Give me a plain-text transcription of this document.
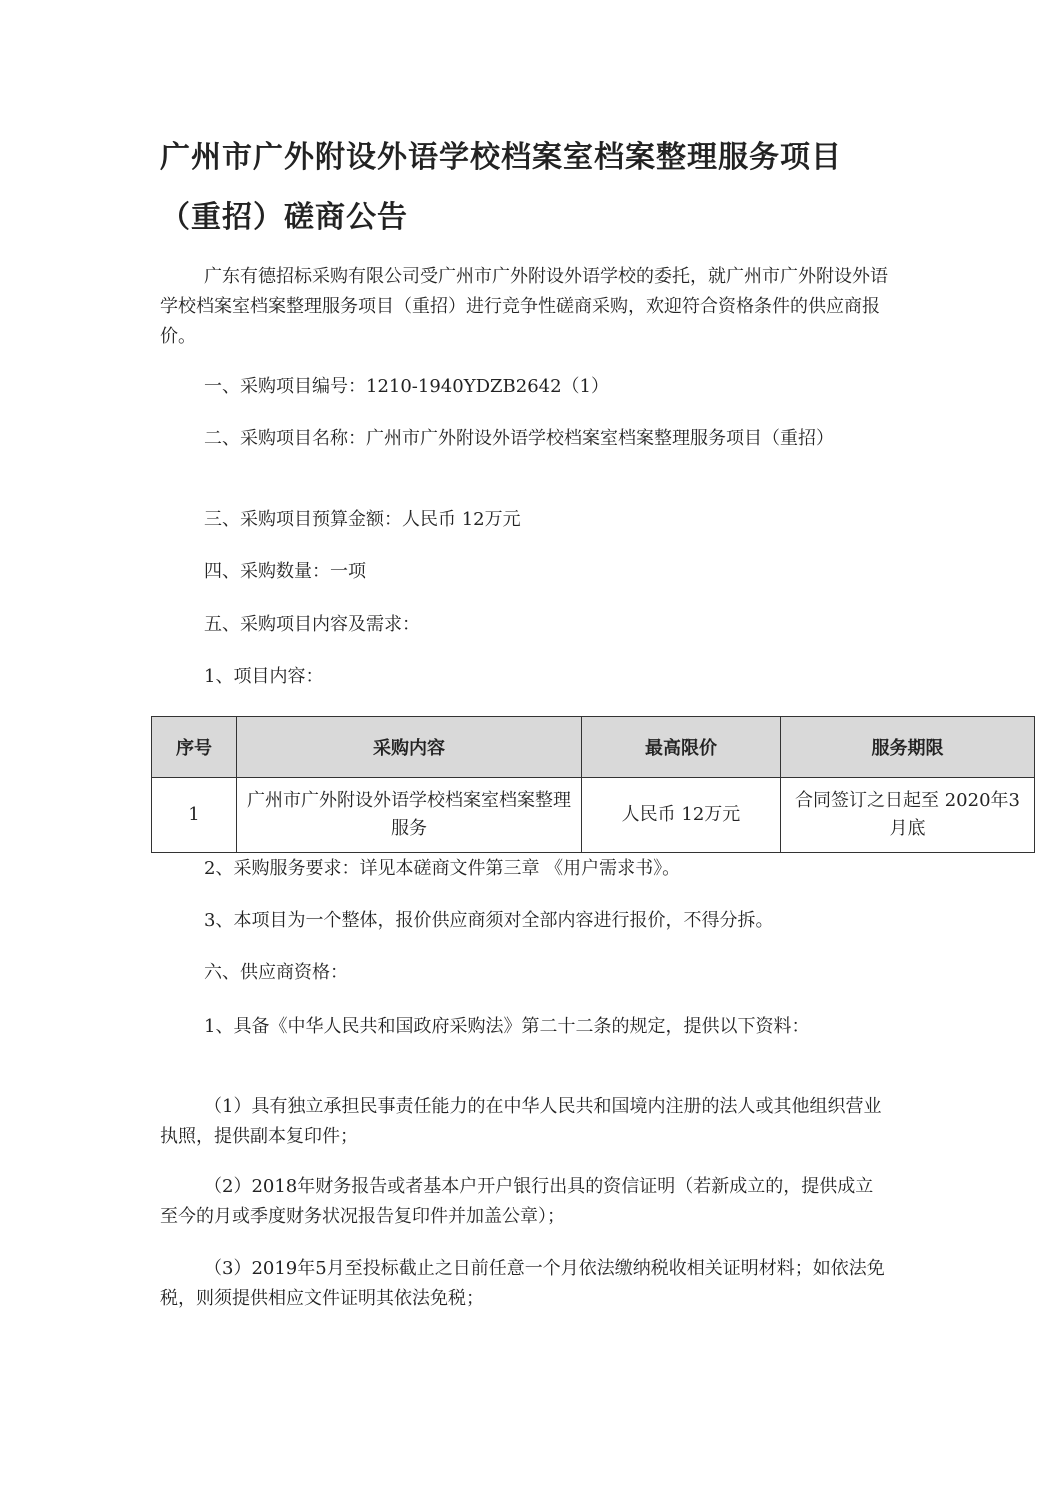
广州市广外附设外语学校档案室档案整理服务项目
（重招）磋商公告

广东有德招标采购有限公司受广州市广外附设外语学校的委托，就广州市广外附设外语学校档案室档案整理服务项目（重招）进行竞争性磋商采购，欢迎符合资格条件的供应商报价。

一、采购项目编号：1210-1940YDZB2642（1）

二、采购项目名称：广州市广外附设外语学校档案室档案整理服务项目（重招）

三、采购项目预算金额：人民币 12万元

四、采购数量：一项

五、采购项目内容及需求：

1、项目内容：

序号	采购内容	最高限价	服务期限
1	广州市广外附设外语学校档案室档案整理服务	人民币 12万元	合同签订之日起至 2020年3月底

2、采购服务要求：详见本磋商文件第三章 《用户需求书》。

3、本项目为一个整体，报价供应商须对全部内容进行报价，不得分拆。

六、供应商资格：

1、具备《中华人民共和国政府采购法》第二十二条的规定，提供以下资料：

（1）具有独立承担民事责任能力的在中华人民共和国境内注册的法人或其他组织营业执照，提供副本复印件；

（2）2018年财务报告或者基本户开户银行出具的资信证明（若新成立的，提供成立至今的月或季度财务状况报告复印件并加盖公章）；

（3）2019年5月至投标截止之日前任意一个月依法缴纳税收相关证明材料；如依法免税，则须提供相应文件证明其依法免税；
